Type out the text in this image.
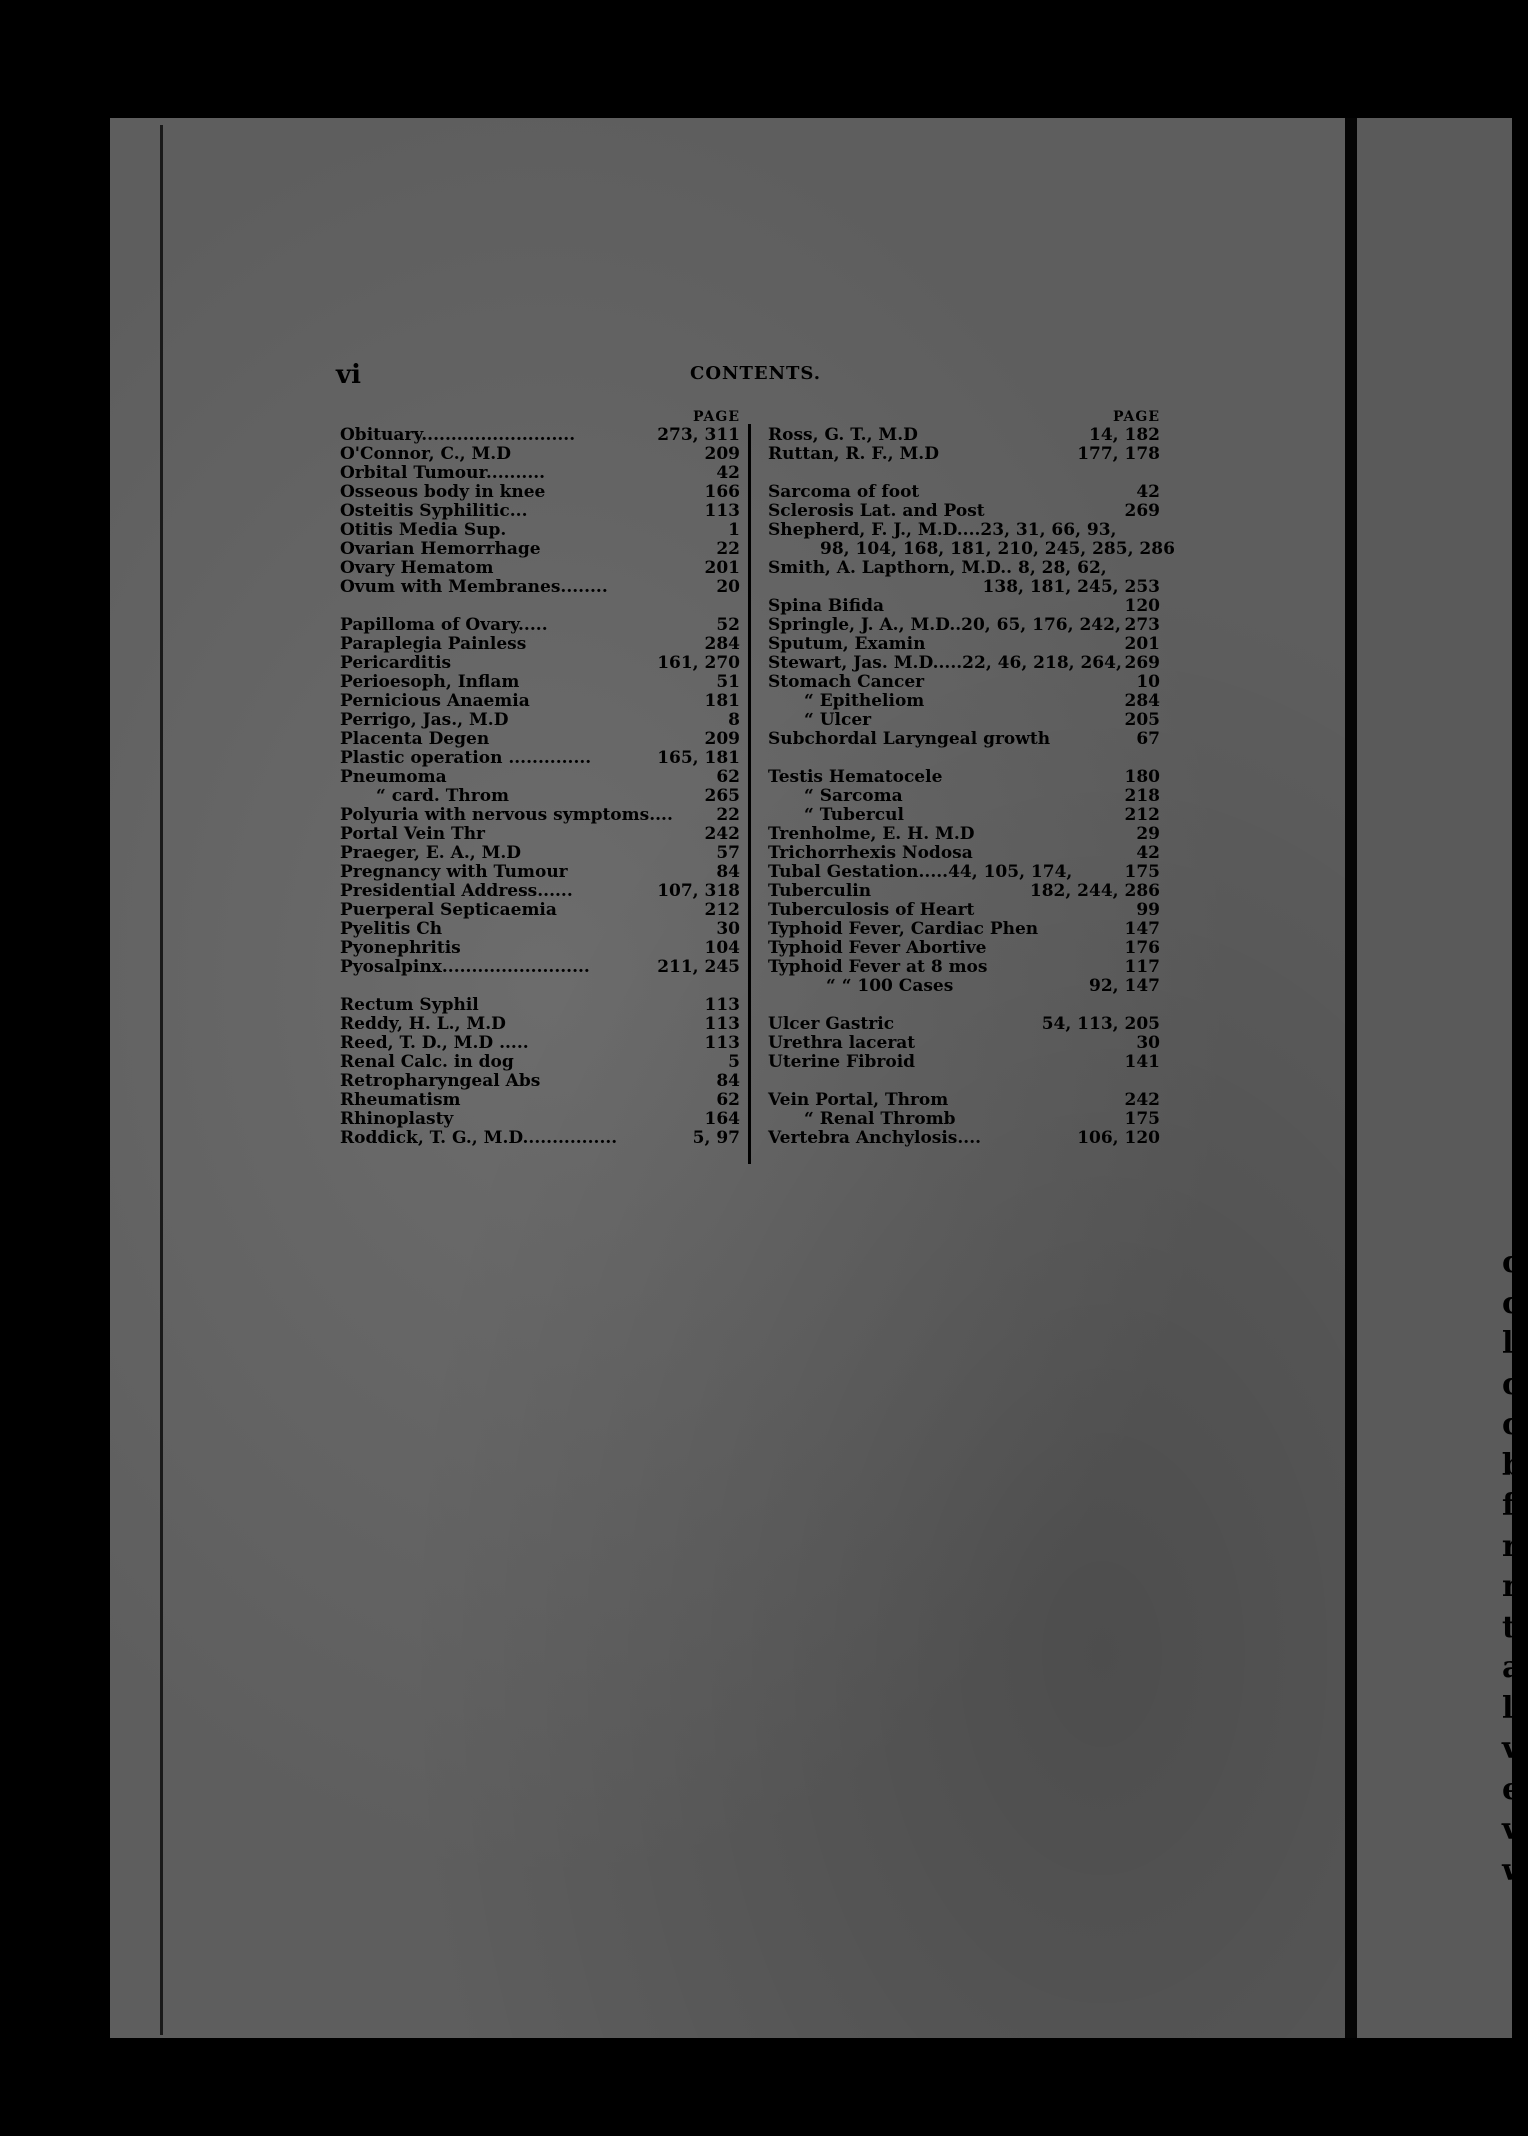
c
c
l
c
c
b
f
r
n
t
a
l
v
e
v
w
vi	CONTENTS.
PAGE
Obituary..........................	273, 311
O'Connor, C., M.D	209
Orbital Tumour..........	42
Osseous body in knee	166
Osteitis Syphilitic...	113
Otitis Media Sup.	1
Ovarian Hemorrhage	22
Ovary Hematom	201
Ovum with Membranes........	20
Papilloma of Ovary.....	52
Paraplegia Painless	284
Pericarditis	161, 270
Perioesoph, Inflam	51
Pernicious Anaemia	181
Perrigo, Jas., M.D	8
Placenta Degen	209
Plastic operation ..............	165, 181
Pneumoma	62
“ card. Throm	265
Polyuria with nervous symptoms....	22
Portal Vein Thr	242
Praeger, E. A., M.D	57
Pregnancy with Tumour	84
Presidential Address......	107, 318
Puerperal Septicaemia	212
Pyelitis Ch	30
Pyonephritis	104
Pyosalpinx.........................	211, 245
Rectum Syphil	113
Reddy, H. L., M.D	113
Reed, T. D., M.D .....	113
Renal Calc. in dog	5
Retropharyngeal Abs	84
Rheumatism	62
Rhinoplasty	164
Roddick, T. G., M.D................	5, 97
PAGE
Ross, G. T., M.D	14, 182
Ruttan, R. F., M.D	177, 178
Sarcoma of foot	42
Sclerosis Lat. and Post	269
Shepherd, F. J., M.D....23, 31, 66, 93,
98, 104, 168, 181, 210, 245, 285, 286
Smith, A. Lapthorn, M.D.. 8, 28, 62,
138, 181, 245, 253
Spina Bifida	120
Springle, J. A., M.D..20, 65, 176, 242, 273
Sputum, Examin	201
Stewart, Jas. M.D.....22, 46, 218, 264, 269
Stomach Cancer	10
“ Epitheliom	284
“ Ulcer	205
Subchordal Laryngeal growth	67
Testis Hematocele	180
“ Sarcoma	218
“ Tubercul	212
Trenholme, E. H. M.D	29
Trichorrhexis Nodosa	42
Tubal Gestation.....44, 105, 174,	175
Tuberculin	182, 244, 286
Tuberculosis of Heart	99
Typhoid Fever, Cardiac Phen	147
Typhoid Fever Abortive	176
Typhoid Fever at 8 mos	117
“ “ 100 Cases	92, 147
Ulcer Gastric	54, 113, 205
Urethra lacerat	30
Uterine Fibroid	141
Vein Portal, Throm	242
“ Renal Thromb	175
Vertebra Anchylosis....	106, 120
